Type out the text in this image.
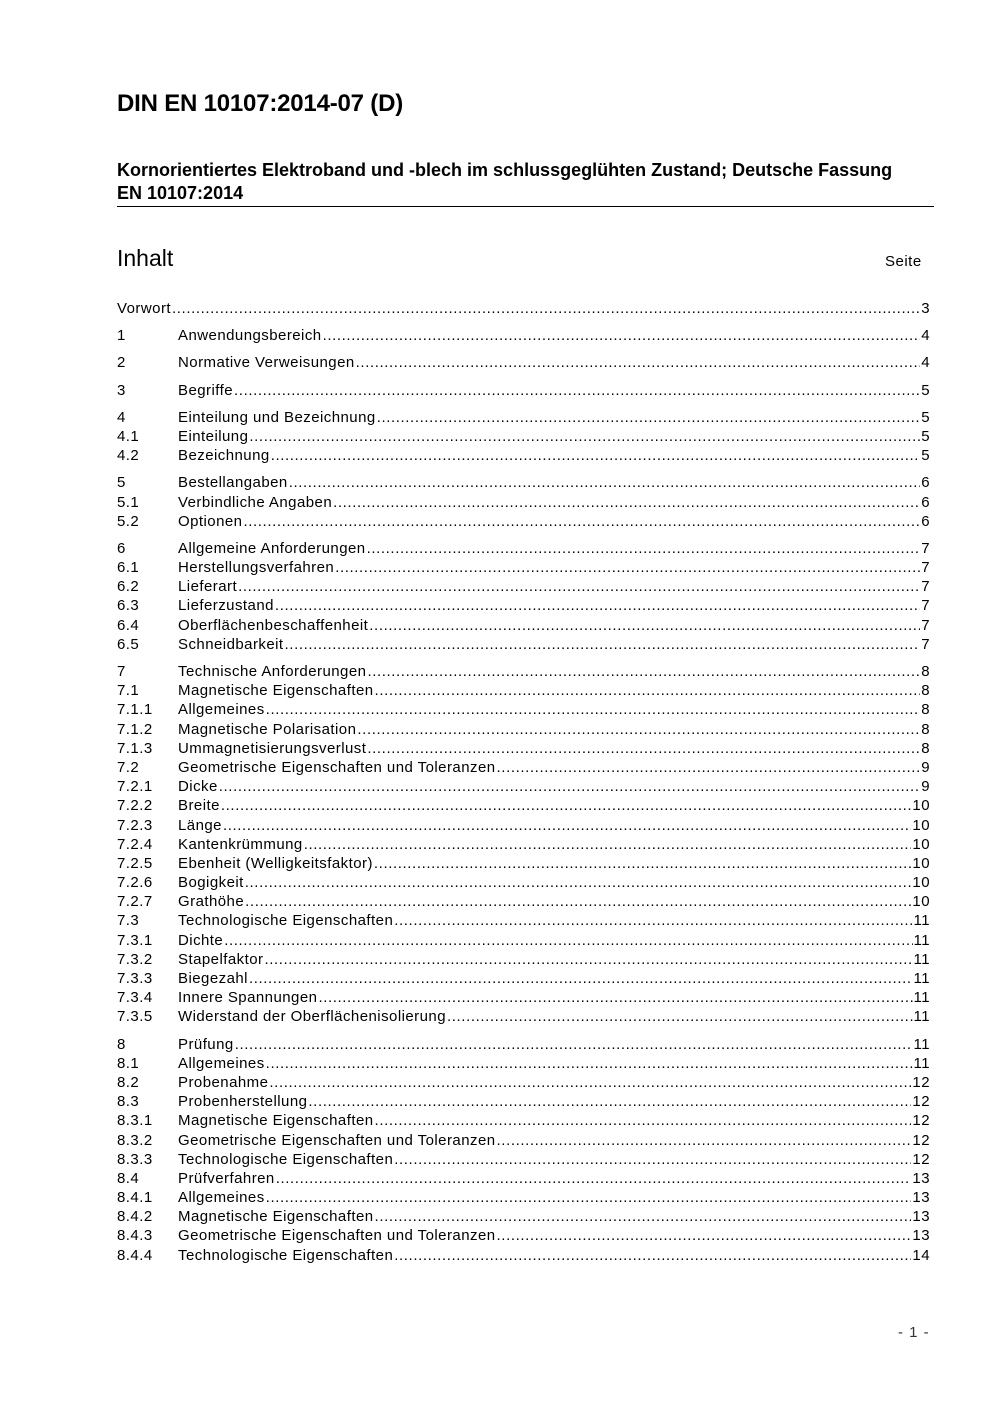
DIN EN 10107:2014-07 (D)
Kornorientiertes Elektroband und -blech im schlussgeglühten Zustand; Deutsche Fassung EN 10107:2014
Inhalt	Seite
Vorwort .....	3
1	Anwendungsbereich .....	4
2	Normative Verweisungen .....	4
3	Begriffe .....	5
4	Einteilung und Bezeichnung .....	5
4.1	Einteilung .....	5
4.2	Bezeichnung .....	5
5	Bestellangaben .....	6
5.1	Verbindliche Angaben .....	6
5.2	Optionen .....	6
6	Allgemeine Anforderungen .....	7
6.1	Herstellungsverfahren .....	7
6.2	Lieferart .....	7
6.3	Lieferzustand .....	7
6.4	Oberflächenbeschaffenheit .....	7
6.5	Schneidbarkeit .....	7
7	Technische Anforderungen .....	8
7.1	Magnetische Eigenschaften .....	8
7.1.1	Allgemeines .....	8
7.1.2	Magnetische Polarisation .....	8
7.1.3	Ummagnetisierungsverlust .....	8
7.2	Geometrische Eigenschaften und Toleranzen .....	9
7.2.1	Dicke .....	9
7.2.2	Breite .....	10
7.2.3	Länge .....	10
7.2.4	Kantenkrümmung .....	10
7.2.5	Ebenheit (Welligkeitsfaktor) .....	10
7.2.6	Bogigkeit .....	10
7.2.7	Grathöhe .....	10
7.3	Technologische Eigenschaften .....	11
7.3.1	Dichte .....	11
7.3.2	Stapelfaktor .....	11
7.3.3	Biegezahl .....	11
7.3.4	Innere Spannungen .....	11
7.3.5	Widerstand der Oberflächenisolierung .....	11
8	Prüfung .....	11
8.1	Allgemeines .....	11
8.2	Probenahme .....	12
8.3	Probenherstellung .....	12
8.3.1	Magnetische Eigenschaften .....	12
8.3.2	Geometrische Eigenschaften und Toleranzen .....	12
8.3.3	Technologische Eigenschaften .....	12
8.4	Prüfverfahren .....	13
8.4.1	Allgemeines .....	13
8.4.2	Magnetische Eigenschaften .....	13
8.4.3	Geometrische Eigenschaften und Toleranzen .....	13
8.4.4	Technologische Eigenschaften .....	14
- 1 -
